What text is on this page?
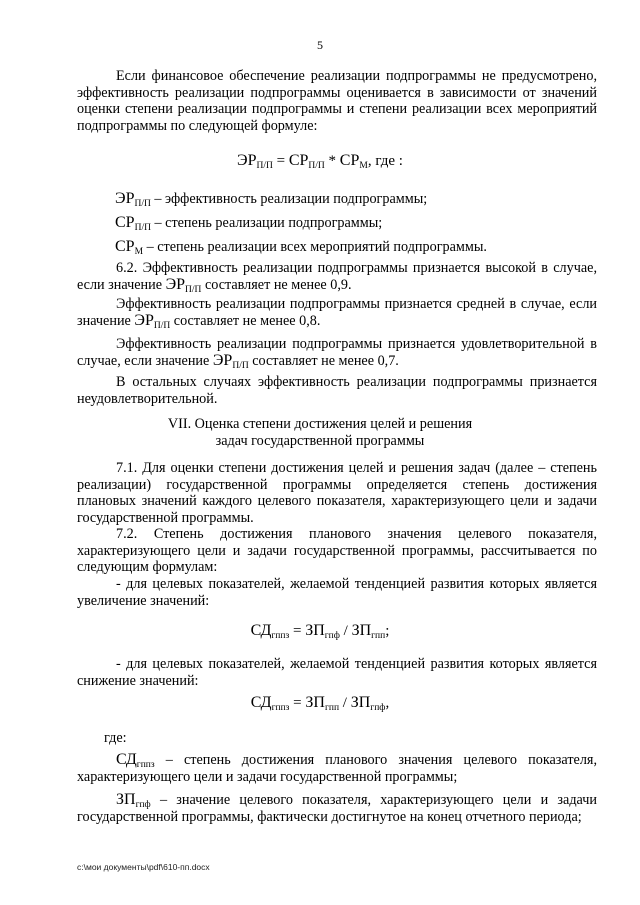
5
Если финансовое обеспечение реализации подпрограммы не предусмотрено, эффективность реализации подпрограммы оценивается в зависимости от значений оценки степени реализации подпрограммы и степени реализации всех мероприятий подпрограммы по следующей формуле:
$ЭР_{П/П} = СР_{П/П} * СР_М$, где :
$ЭР_{П/П}$ – эффективность реализации подпрограммы;
$СР_{П/П}$ – степень реализации подпрограммы;
$СР_М$ – степень реализации всех мероприятий подпрограммы.
6.2. Эффективность реализации подпрограммы признается высокой в случае, если значение $ЭР_{П/П}$ составляет не менее 0,9.
Эффективность реализации подпрограммы признается средней в случае, если значение $ЭР_{П/П}$ составляет не менее 0,8.
Эффективность реализации подпрограммы признается удовлетворительной в случае, если значение $ЭР_{П/П}$ составляет не менее 0,7.
В остальных случаях эффективность реализации подпрограммы признается неудовлетворительной.
VII. Оценка степени достижения целей и решения
задач государственной программы
7.1. Для оценки степени достижения целей и решения задач (далее – степень реализации) государственной программы определяется степень достижения плановых значений каждого целевого показателя, характеризующего цели и задачи государственной программы.
7.2. Степень достижения планового значения целевого показателя, характеризующего цели и задачи государственной программы, рассчитывается по следующим формулам:
- для целевых показателей, желаемой тенденцией развития которых является увеличение значений:
$СД_{гппз} = ЗП_{гпф} / ЗП_{гпп}$;
- для целевых показателей, желаемой тенденцией развития которых является снижение значений:
$СД_{гппз} = ЗП_{гпп} / ЗП_{гпф}$,
где:
$СД_{гппз}$ – степень достижения планового значения целевого показателя, характеризующего цели и задачи государственной программы;
$ЗП_{гпф}$ – значение целевого показателя, характеризующего цели и задачи государственной программы, фактически достигнутое на конец отчетного периода;
c:\мои документы\pdf\610-пп.docx
